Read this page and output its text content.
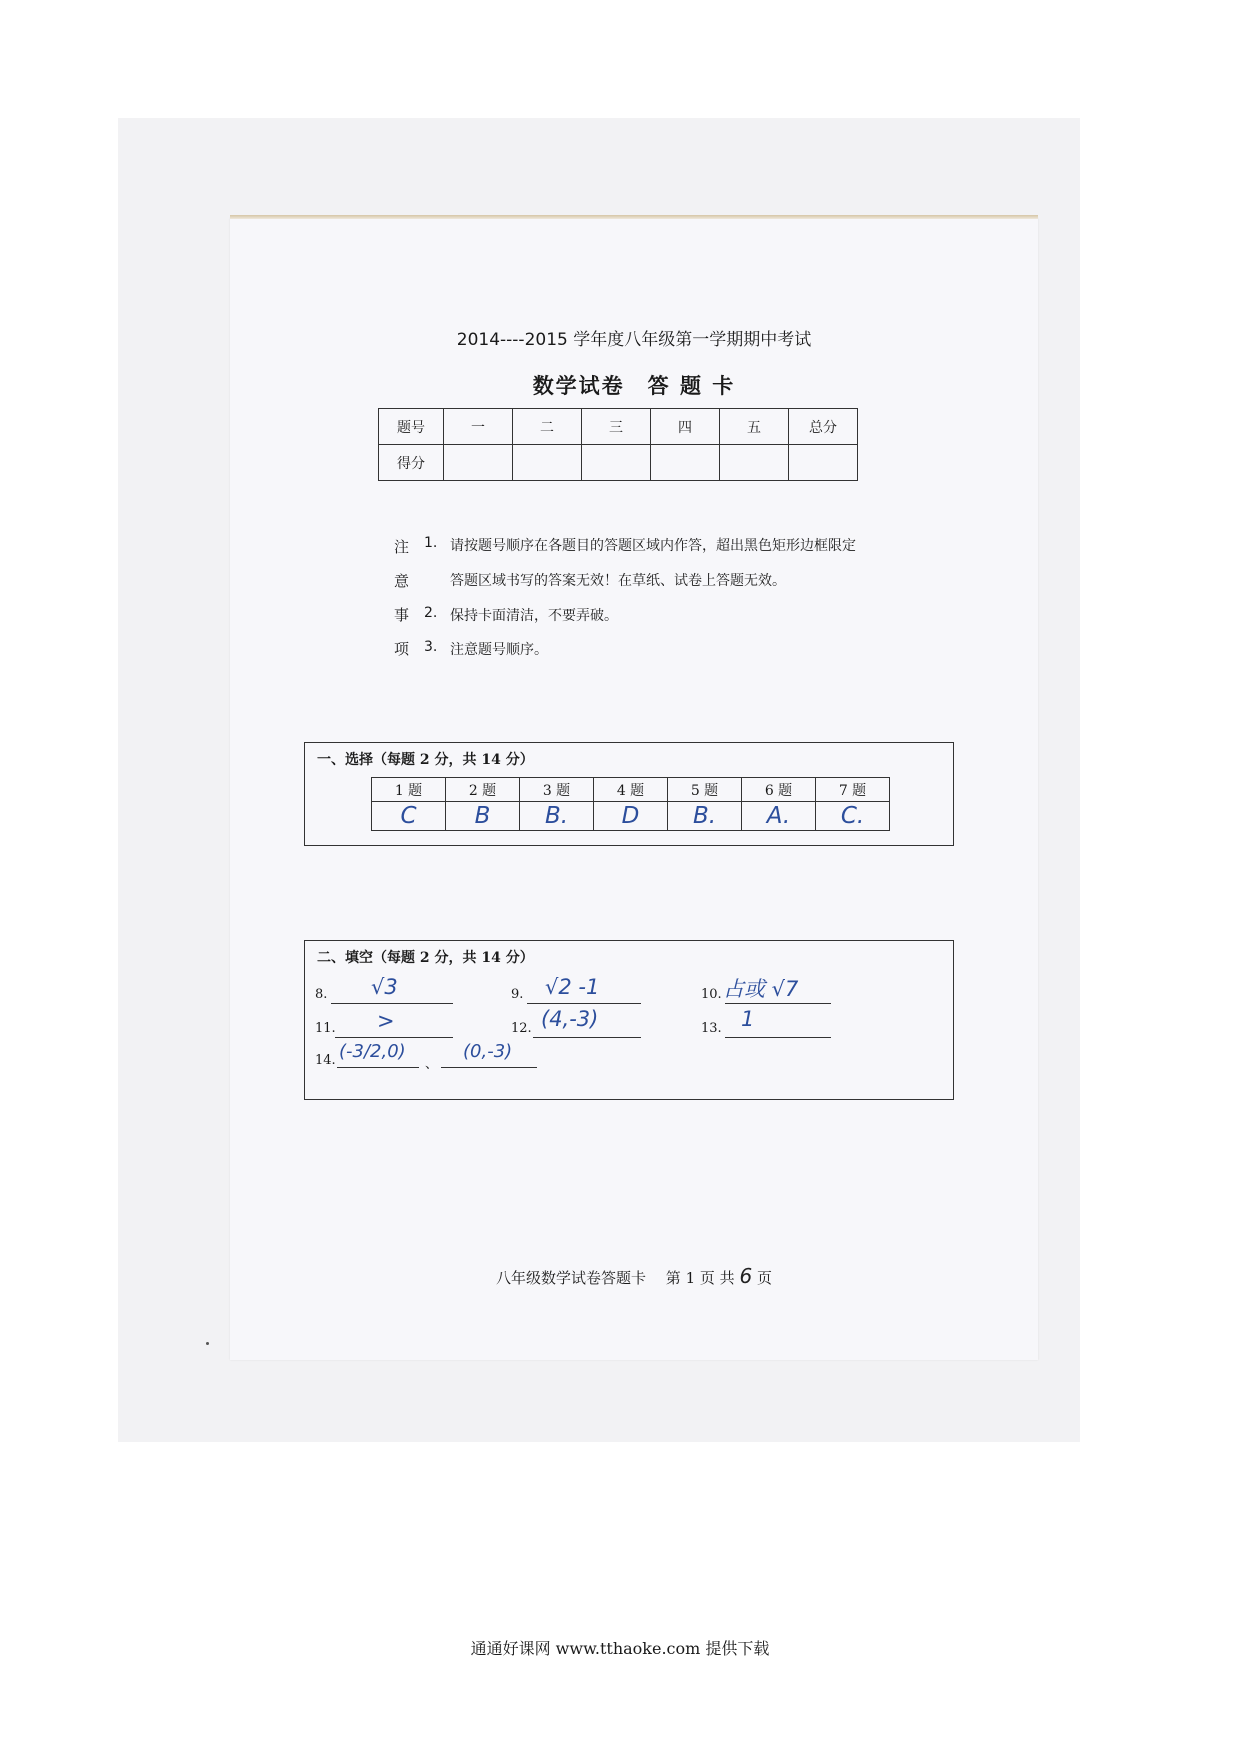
2014----2015 学年度八年级第一学期期中考试
数学试卷　答 题 卡
题号	一	二	三	四	五	总分
得分						
注意事项
1. 请按题号顺序在各题目的答题区域内作答，超出黑色矩形边框限定
答题区域书写的答案无效！在草纸、试卷上答题无效。
2. 保持卡面清洁，不要弄破。
3. 注意题号顺序。
一、选择（每题 2 分，共 14 分）
1 题	2 题	3 题	4 题	5 题	6 题	7 题
C	B	B.	D	B.	A.	C.
二、填空（每题 2 分，共 14 分）
8. √3	9. √2 -1	10. 占或 √7
11. >	12. (4,-3)	13. 1
14. (-3/2,0)
、
(0,-3)
八年级数学试卷答题卡　 第 1 页 共 6 页
通通好课网 www.tthaoke.com 提供下载
